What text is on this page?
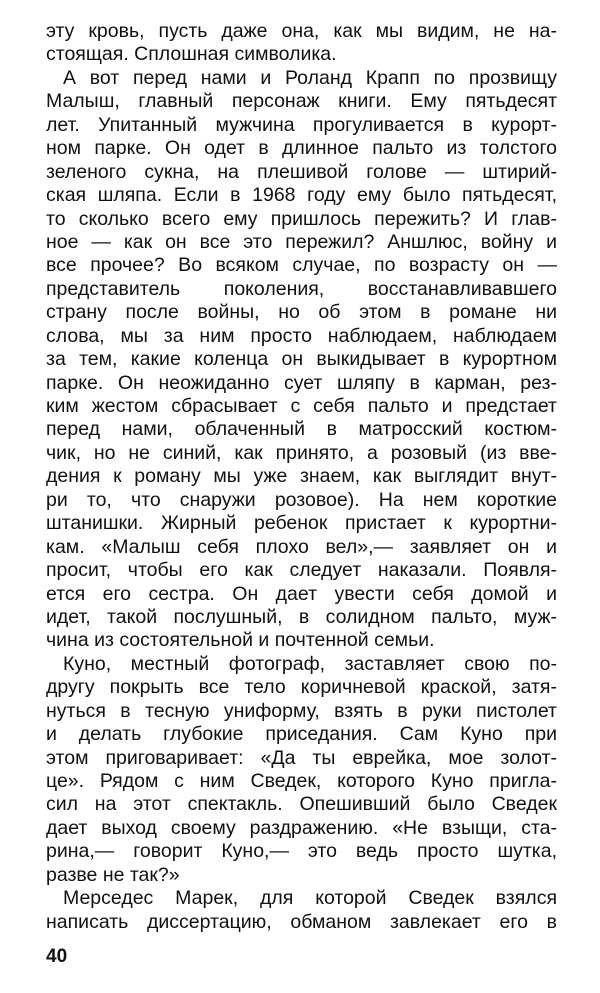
эту кровь, пусть даже она, как мы видим, не на-
стоящая. Сплошная символика.
А вот перед нами и Роланд Крапп по прозвищу
Малыш, главный персонаж книги. Ему пятьдесят
лет. Упитанный мужчина прогуливается в курорт-
ном парке. Он одет в длинное пальто из толстого
зеленого сукна, на плешивой голове — штирий-
ская шляпа. Если в 1968 году ему было пятьдесят,
то сколько всего ему пришлось пережить? И глав-
ное — как он все это пережил? Аншлюс, войну и
все прочее? Во всяком случае, по возрасту он —
представитель поколения, восстанавливавшего
страну после войны, но об этом в романе ни
слова, мы за ним просто наблюдаем, наблюдаем
за тем, какие коленца он выкидывает в курортном
парке. Он неожиданно сует шляпу в карман, рез-
ким жестом сбрасывает с себя пальто и предстает
перед нами, облаченный в матросский костюм-
чик, но не синий, как принято, а розовый (из вве-
дения к роману мы уже знаем, как выглядит внут-
ри то, что снаружи розовое). На нем короткие
штанишки. Жирный ребенок пристает к курортни-
кам. «Малыш себя плохо вел»,— заявляет он и
просит, чтобы его как следует наказали. Появля-
ется его сестра. Он дает увести себя домой и
идет, такой послушный, в солидном пальто, муж-
чина из состоятельной и почтенной семьи.
Куно, местный фотограф, заставляет свою по-
другу покрыть все тело коричневой краской, затя-
нуться в тесную униформу, взять в руки пистолет
и делать глубокие приседания. Сам Куно при
этом приговаривает: «Да ты еврейка, мое золот-
це». Рядом с ним Сведек, которого Куно пригла-
сил на этот спектакль. Опешивший было Сведек
дает выход своему раздражению. «Не взыщи, ста-
рина,— говорит Куно,— это ведь просто шутка,
разве не так?»
Мерседес Марек, для которой Сведек взялся
написать диссертацию, обманом завлекает его в
40
